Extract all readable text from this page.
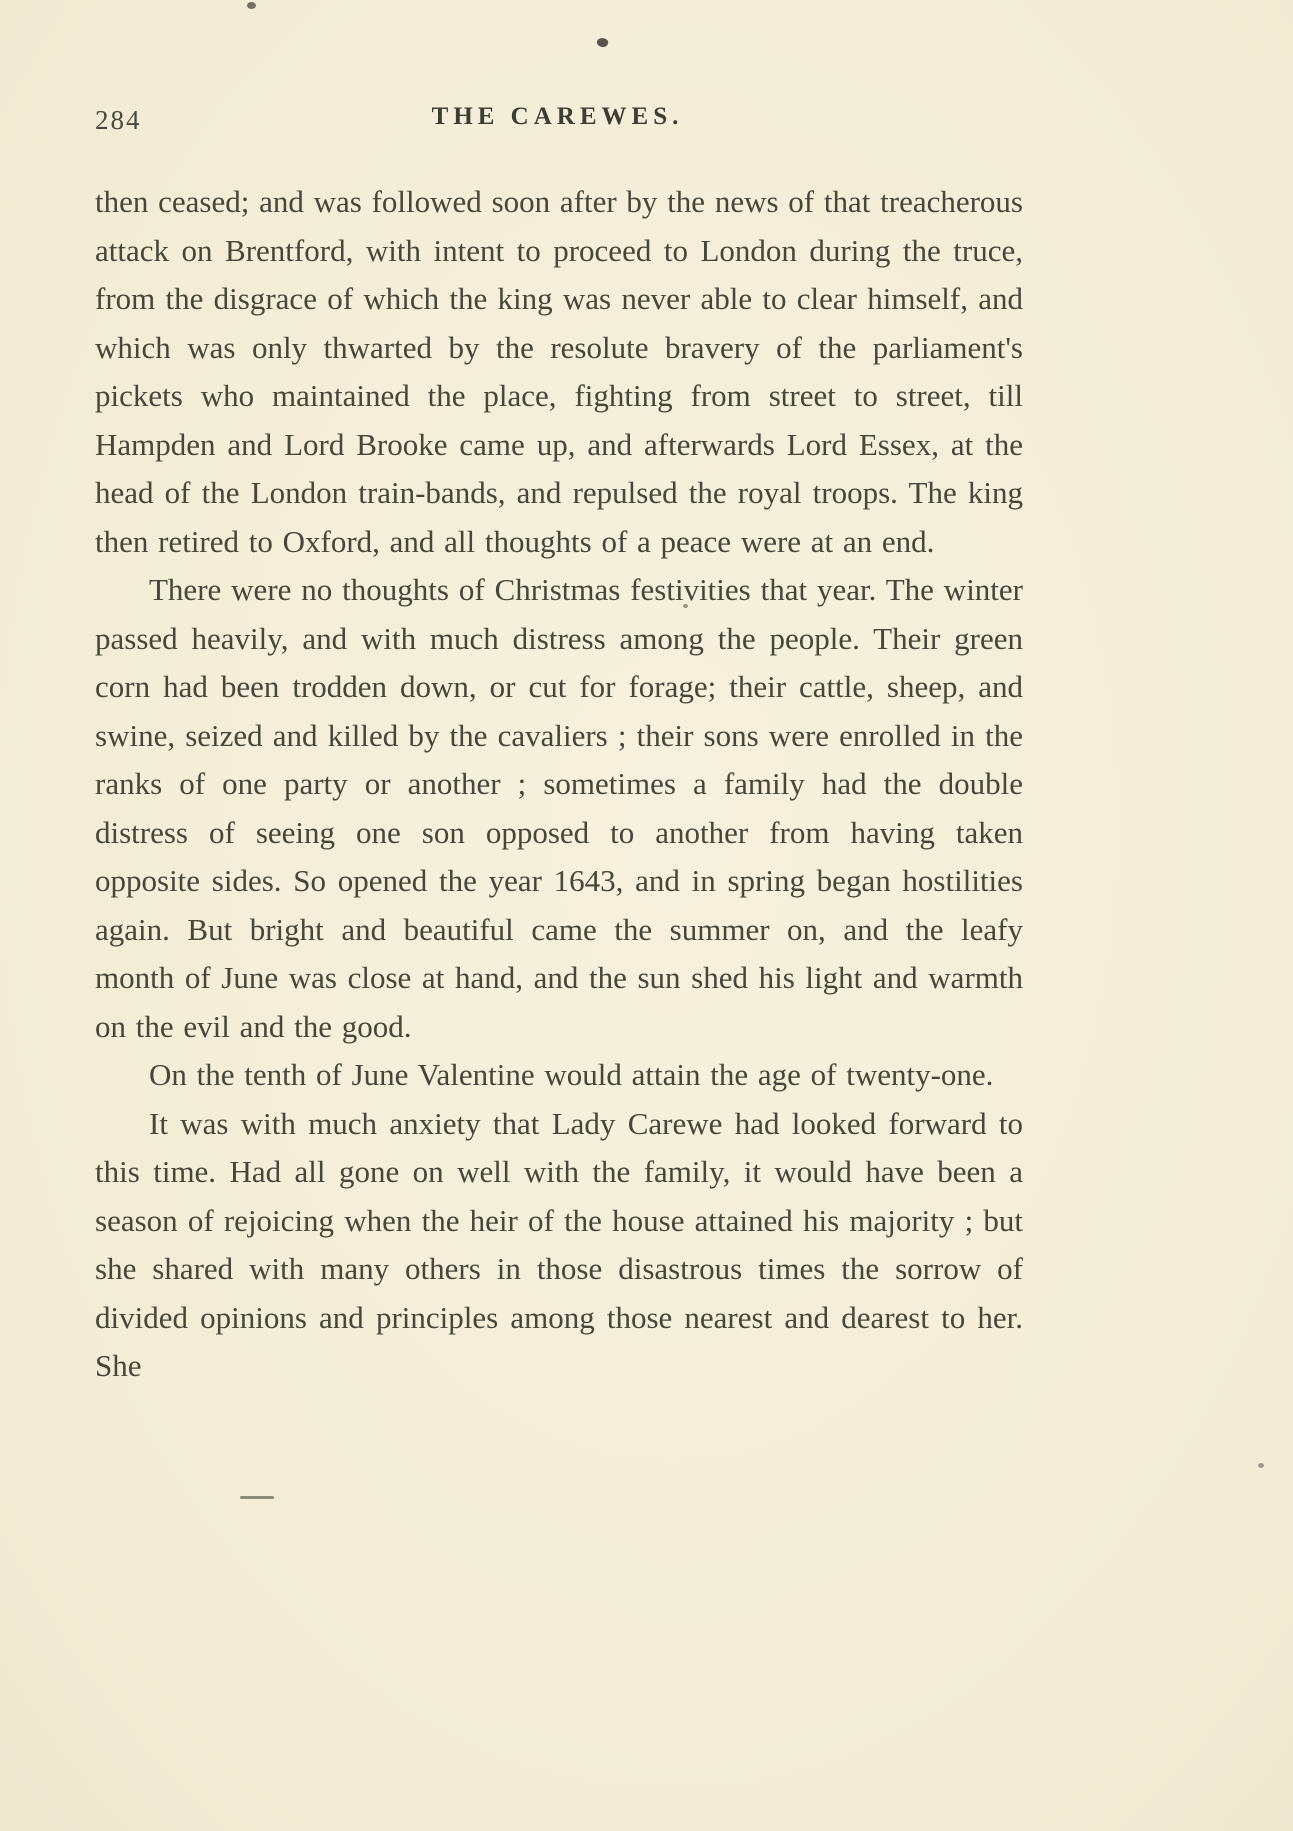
284	THE CAREWES.

then ceased; and was followed soon after by the news of that treacherous attack on Brentford, with intent to proceed to London during the truce, from the disgrace of which the king was never able to clear himself, and which was only thwarted by the resolute bravery of the parliament's pickets who maintained the place, fighting from street to street, till Hampden and Lord Brooke came up, and afterwards Lord Essex, at the head of the London train-bands, and repulsed the royal troops. The king then retired to Oxford, and all thoughts of a peace were at an end.

There were no thoughts of Christmas festivities that year. The winter passed heavily, and with much distress among the people. Their green corn had been trodden down, or cut for forage; their cattle, sheep, and swine, seized and killed by the cavaliers ; their sons were enrolled in the ranks of one party or another ; sometimes a family had the double distress of seeing one son opposed to another from having taken opposite sides. So opened the year 1643, and in spring began hostilities again. But bright and beautiful came the summer on, and the leafy month of June was close at hand, and the sun shed his light and warmth on the evil and the good.

On the tenth of June Valentine would attain the age of twenty-one.

It was with much anxiety that Lady Carewe had looked forward to this time. Had all gone on well with the family, it would have been a season of rejoicing when the heir of the house attained his majority ; but she shared with many others in those disastrous times the sorrow of divided opinions and principles among those nearest and dearest to her. She
